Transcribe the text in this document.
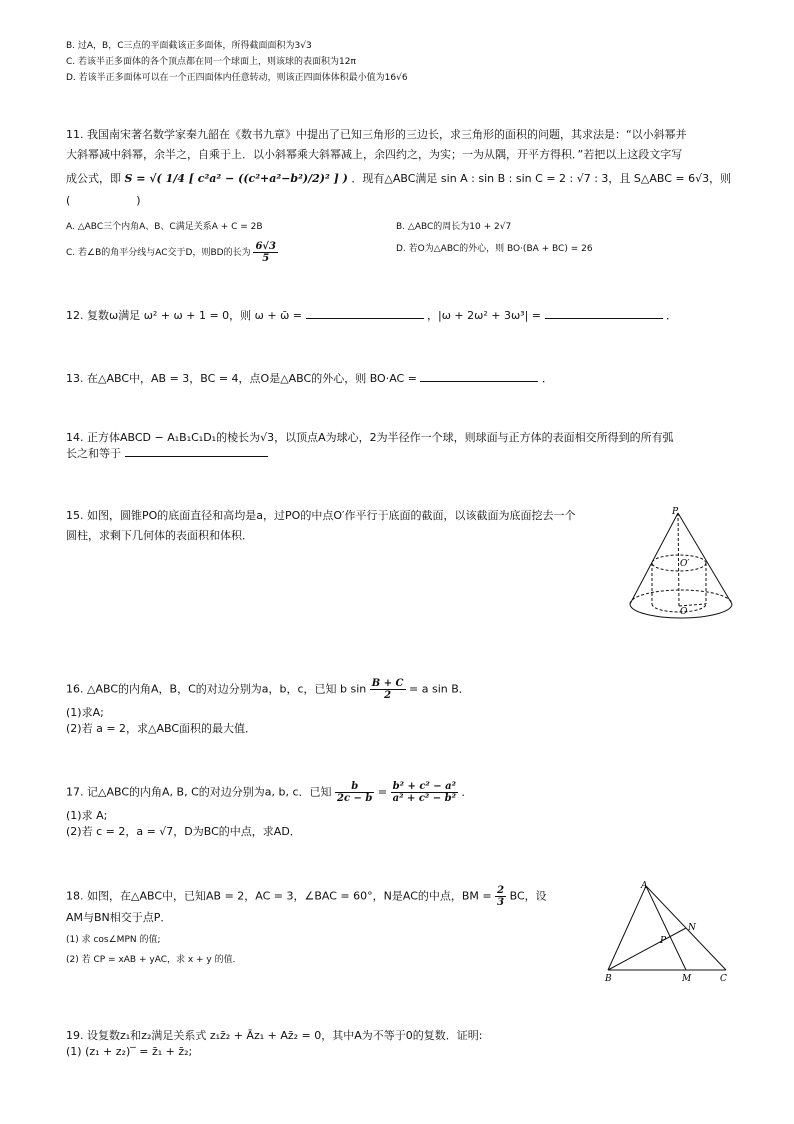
B. 过A，B，C三点的平面截该正多面体，所得截面面积为3√3
C. 若该半正多面体的各个顶点都在同一个球面上，则该球的表面积为12π
D. 若该半正多面体可以在一个正四面体内任意转动，则该正四面体体积最小值为16√6
11. 我国南宋著名数学家秦九韶在《数书九章》中提出了已知三角形的三边长，求三角形的面积的问题，其求法是：“以小斜幂并
大斜幂减中斜幂，余半之，自乘于上．以小斜幂乘大斜幂减上，余四约之，为实；一为从隅，开平方得积．”若把以上这段文字写
成公式，即 S = √( 1/4 [ c²a² − ((c²+a²−b²)/2)² ] ) ．现有△ABC满足 sin A : sin B : sin C = 2 : √7 : 3，且 S△ABC = 6√3，则
(　　　　　　)
A. △ABC三个内角A、B、C满足关系A + C = 2B	B. △ABC的周长为10 + 2√7
C. 若∠B的角平分线与AC交于D，则BD的长为 $\frac{6√3}{5}$	D. 若O为△ABC的外心，则 BO·(BA + BC) = 26
12. 复数ω满足 ω² + ω + 1 = 0，则 ω + ω̄ =	，|ω + 2ω² + 3ω³| =	．
13. 在△ABC中，AB = 3，BC = 4，点O是△ABC的外心，则 BO·AC =	．
14. 正方体ABCD − A₁B₁C₁D₁的棱长为√3，以顶点A为球心，2为半径作一个球，则球面与正方体的表面相交所得到的所有弧
长之和等于
15. 如图，圆锥PO的底面直径和高均是a，过PO的中点O′作平行于底面的截面，以该截面为底面挖去一个
圆柱，求剩下几何体的表面积和体积．
P
O′
O
16. △ABC的内角A，B，C的对边分别为a，b，c，已知 b $\sin \frac{B + C}{2} = a$ sin B．
(1)求A;
(2)若 a = 2，求△ABC面积的最大值．
17. 记△ABC的内角A, B, C的对边分别为a, b, c．已知 $\frac{b}{2c - b} = \frac{\text{b² + c² − a²}}{\text{a² + c² − b²}}$ ．
(1)求 A;
(2)若 c = 2，a = √7，D为BC的中点，求AD．
18. 如图，在△ABC中，已知AB = 2，AC = 3，∠BAC = 60°，N是AC的中点，BM = $\frac{2}{3}$ BC，设
AM与BN相交于点P．
(1) 求 cos∠MPN 的值;
(2) 若 CP = xAB + yAC，求 x + y 的值．
A
B	C
M
N
P
19. 设复数z₁和z₂满足关系式 z₁z̄₂ + Āz₁ + Az̄₂ = 0，其中A为不等于0的复数．证明:
(1) (z₁ + z₂)‾ = z̄₁ + z̄₂;
